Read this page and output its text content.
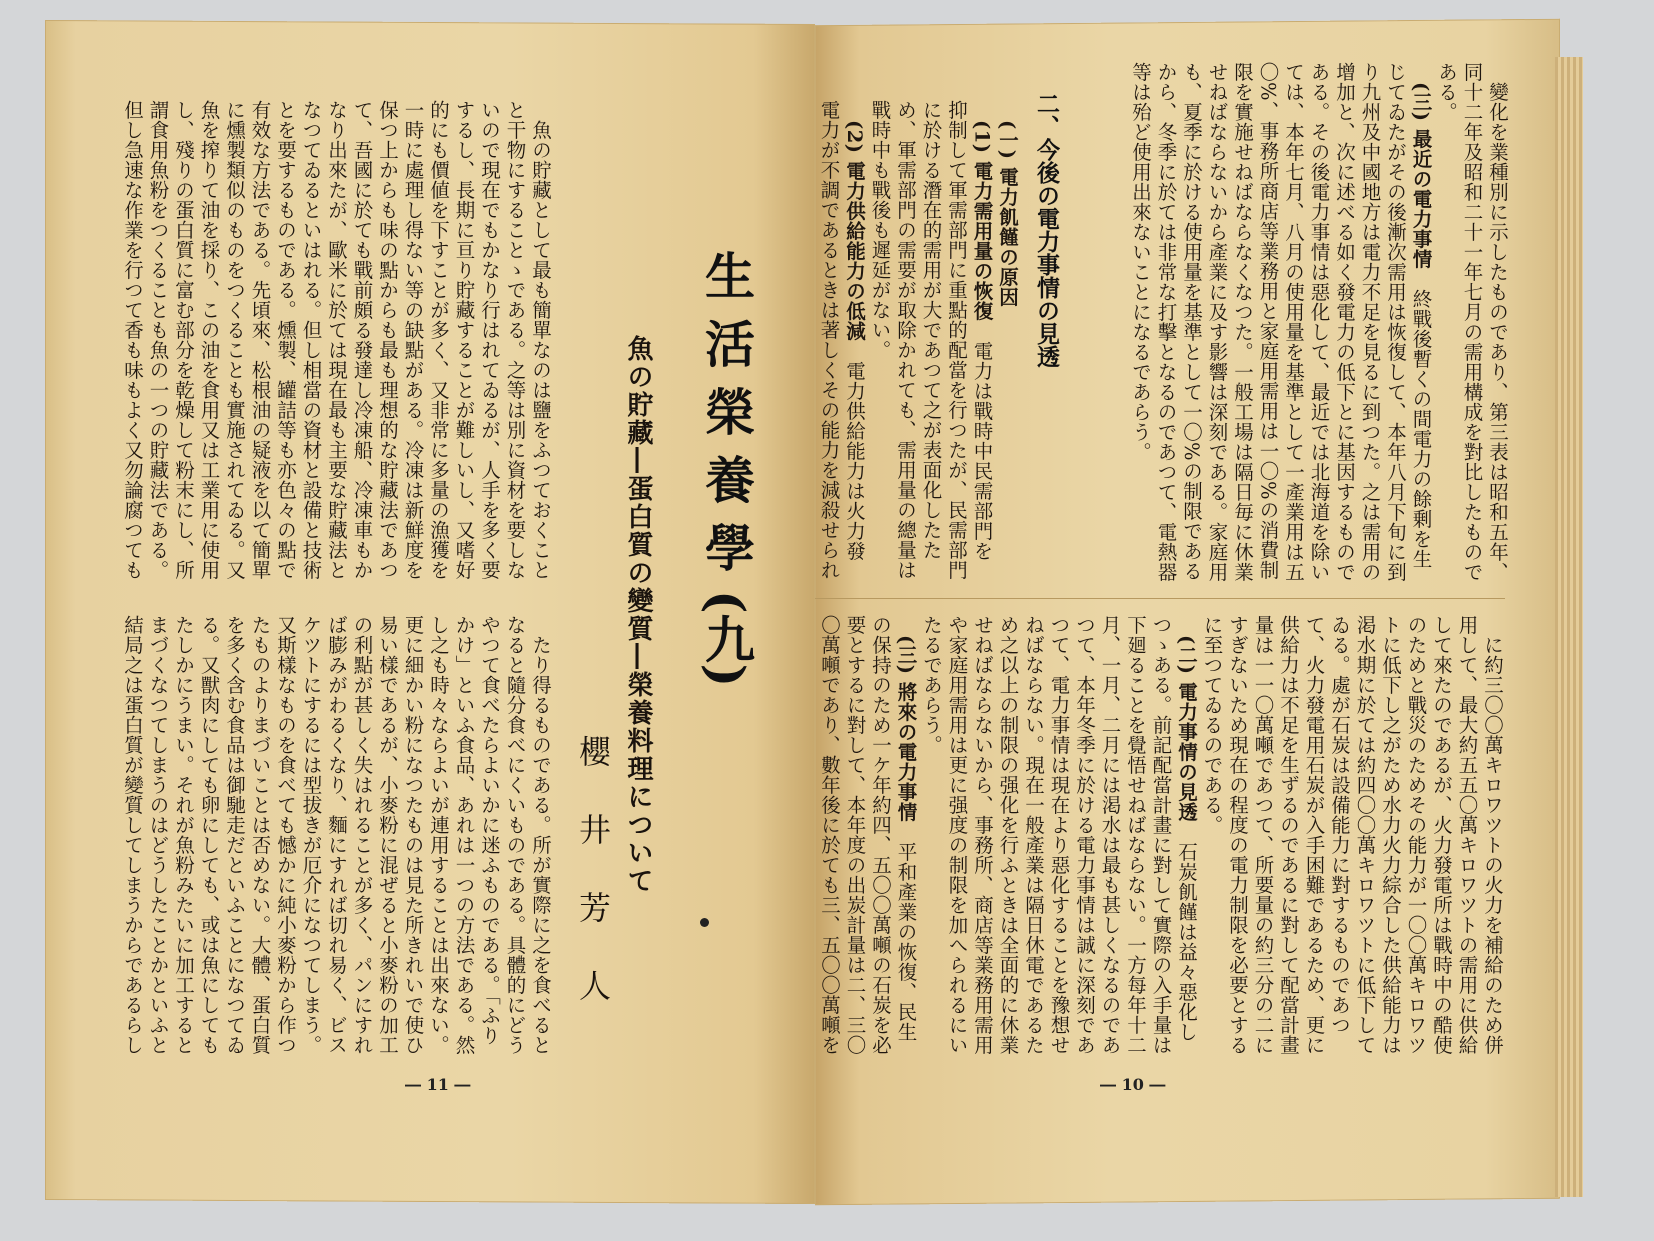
魚の貯藏として最も簡單なのは鹽をふつておくことと干物にすることゝである。之等は別に資材を要しないので現在でもかなり行はれてゐるが、人手を多く要するし、長期に亘り貯藏することが難しいし、又嗜好的にも價値を下すことが多く、又非常に多量の漁獲を一時に處理し得ない等の缺點がある。冷凍は新鮮度を保つ上からも味の點からも最も理想的な貯藏法であつて、吾國に於ても戰前頗る發達し冷凍船、冷凍車もかなり出來たが、歐米に於ては現在最も主要な貯藏法となつてゐるといはれる。但し相當の資材と設備と技術とを要するものである。燻製、罐詰等も亦色々の點で有效な方法である。先頃來、松根油の疑液を以て簡單に燻製類似のものをつくることも實施されてゐる。又魚を搾りて油を採り、この油を食用又は工業用に使用し、殘りの蛋白質に富む部分を乾燥して粉末にし、所謂食用魚粉をつくることも魚の一つの貯藏法である。但し急速な作業を行つて香も味もよく又勿論腐つても

たり得るものである。所が實際に之を食べるとなると隨分食べにくいものである。具體的にどうやつて食べたらよいかに迷ふものである。「ふりかけ」といふ食品、あれは一つの方法である。然し之も時々ならよいが連用することは出來ない。更に細かい粉になつたものは見た所きれいで使ひ易い樣であるが、小麥粉に混ぜると小麥粉の加工の利點が甚しく失はれることが多く、パンにすれば膨みがわるくなり、麵にすれば切れ易く、ビスケツトにするには型拔きが厄介になつてしまう。又斯樣なものを食べても憾かに純小麥粉から作つたものよりまづいことは否めない。大體、蛋白質を多く含む食品は御馳走だといふことになつてゐる。又獸肉にしても卵にしても、或は魚にしてもたしかにうまい。それが魚粉みたいに加工するとまづくなつてしまうのはどうしたことかといふと結局之は蛋白質が變質してしまうからであるらし

生活榮養學(九)
魚の貯藏―蛋白質の變質―榮養料理について
櫻井芳人
― 11 ―

變化を業種別に示したものであり、第三表は昭和五年、同十二年及昭和二十一年七月の需用構成を對比したものである。

(三) 最近の電力事情　終戰後暫くの間電力の餘剰を生じてゐたがその後漸次需用は恢復して、本年八月下旬に到り九州及中國地方は電力不足を見るに到つた。之は需用の增加と、次に述べる如く發電力の低下とに基因するものである。その後電力事情は惡化して、最近では北海道を除いては、本年七月、八月の使用量を基準として一產業用は五〇%、事務所商店等業務用と家庭用需用は一〇%の消費制限を實施せねばならなくなつた。一般工場は隔日毎に休業せねばならないから產業に及す影響は深刻である。家庭用も、夏季に於ける使用量を基準として一〇%の制限であるから、冬季に於ては非常な打擊となるのであつて、電熱器等は殆ど使用出來ないことになるであらう。

二、今後の電力事情の見透

(一) 電力飢饉の原因

(1) 電力需用量の恢復　電力は戰時中民需部門を抑制して軍需部門に重點的配當を行つたが、民需部門に於ける潛在的需用が大であつて之が表面化したため、軍需部門の需要が取除かれても、需用量の總量は戰時中も戰後も遲延がない。

(2) 電力供給能力の低減　電力供給能力は火力發電力が不調であるときは著しくその能力を減殺せられ

に約三〇〇萬キロワツトの火力を補給のため併用して、最大約五五〇萬キロワツトの需用に供給して來たのであるが、火力發電所は戰時中の酷使のためと戰災のためその能力が一〇〇萬キロワツトに低下し之がため水力火力綜合した供給能力は渇水期に於ては約四〇〇萬キロワツトに低下してゐる。處が石炭は設備能力に對するものであつて、火力發電用石炭が入手困難であるため、更に供給力は不足を生ずるのであるに對して配當計畫量は一一〇萬噸であつて、所要量の約三分の二にすぎないため現在の程度の電力制限を必要とするに至つてゐるのである。

(二) 電力事情の見透　石炭飢饉は益々惡化しつゝある。前記配當計畫に對して實際の入手量は下廻ることを覺悟せねばならない。一方每年十二月、一月、二月には渇水は最も甚しくなるのであつて、本年冬季に於ける電力事情は誠に深刻であつて、電力事情は現在より惡化することを豫想せねばならない。現在一般產業は隔日休電であるため之以上の制限の强化を行ふときは全面的に休業せねばならないから、事務所、商店等業務用需用や家庭用需用は更に强度の制限を加へられるにいたるであらう。

(三) 將來の電力事情　平和產業の恢復、民生の保持のため一ケ年約四、五〇〇萬噸の石炭を必要とするに對して、本年度の出炭計量は二、三〇〇萬噸であり、數年後に於ても三、五〇〇萬噸を

― 10 ―
